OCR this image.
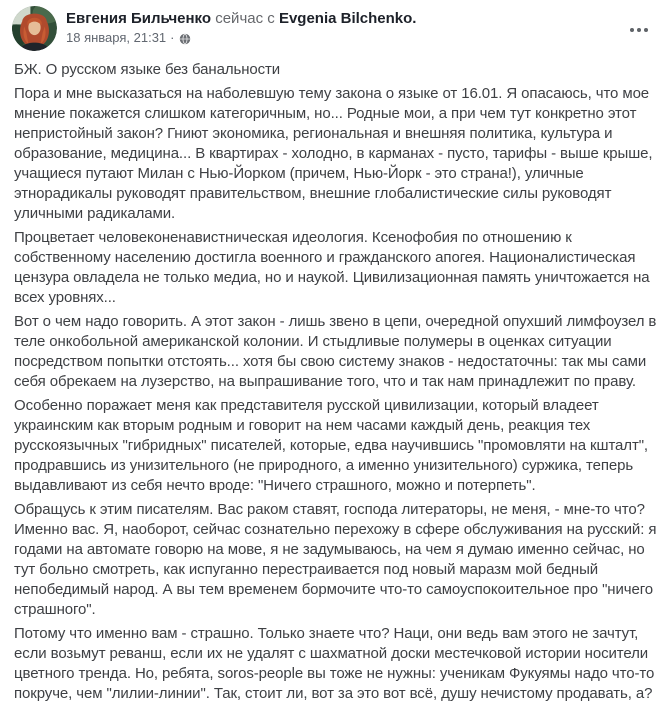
Евгения Бильченко сейчас с Evgenia Bilchenko.
18 января, 21:31 ·

БЖ. О русском языке без банальности

Пора и мне высказаться на наболевшую тему закона о языке от 16.01. Я опасаюсь, что мое мнение покажется слишком категоричным, но... Родные мои, а при чем тут конкретно этот непристойный закон? Гниют экономика, региональная и внешняя политика, культура и образование, медицина... В квартирах - холодно, в карманах - пусто, тарифы - выше крыше, учащиеся путают Милан с Нью-Йорком (причем, Нью-Йорк - это страна!), уличные этнорадикалы руководят правительством, внешние глобалистические силы руководят уличными радикалами.

Процветает человеконенавистническая идеология. Ксенофобия по отношению к собственному населению достигла военного и гражданского апогея. Националистическая цензура овладела не только медиа, но и наукой. Цивилизационная память уничтожается на всех уровнях...

Вот о чем надо говорить. А этот закон - лишь звено в цепи, очередной опухший лимфоузел в теле онкобольной американской колонии. И стыдливые полумеры в оценках ситуации посредством попытки отстоять... хотя бы свою систему знаков - недостаточны: так мы сами себя обрекаем на лузерство, на выпрашивание того, что и так нам принадлежит по праву.

Особенно поражает меня как представителя русской цивилизации, который владеет украинским как вторым родным и говорит на нем часами каждый день, реакция тех русскоязычных "гибридных" писателей, которые, едва научившись "промовляти на кшталт", продравшись из унизительного (не природного, а именно унизительного) суржика, теперь выдавливают из себя нечто вроде: "Ничего страшного, можно и потерпеть".

Обращусь к этим писателям. Вас раком ставят, господа литераторы, не меня, - мне-то что? Именно вас. Я, наоборот, сейчас сознательно перехожу в сфере обслуживания на русский: я годами на автомате говорю на мове, я не задумываюсь, на чем я думаю именно сейчас, но тут больно смотреть, как испуганно перестраивается под новый маразм мой бедный непобедимый народ. А вы тем временем бормочите что-то самоуспокоительное про "ничего страшного".

Потому что именно вам - страшно. Только знаете что? Наци, они ведь вам этого не зачтут, если возьмут реванш, если их не удалят с шахматной доски местечковой истории носители цветного тренда. Но, ребята, soros-people вы тоже не нужны: ученикам Фукуямы надо что-то покруче, чем "лилии-линии". Так, стоит ли, вот за это вот всё, душу нечистому продавать, а?
